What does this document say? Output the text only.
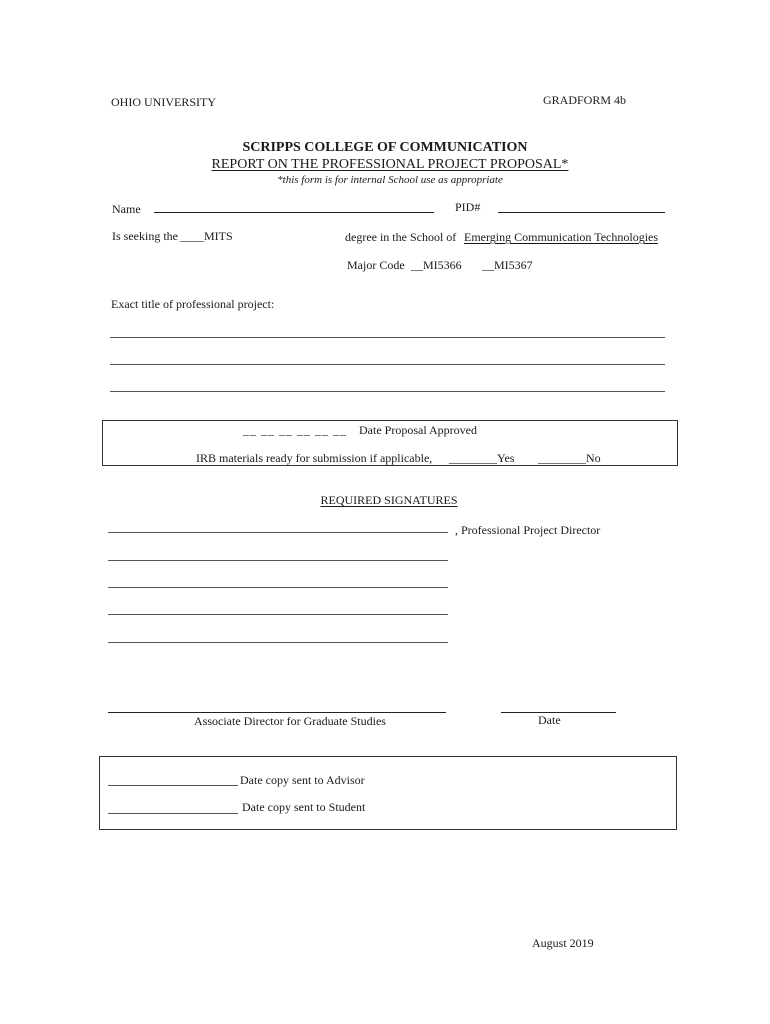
OHIO UNIVERSITY	GRADFORM 4b
SCRIPPS COLLEGE OF COMMUNICATION
REPORT ON THE PROFESSIONAL PROJECT PROPOSAL*
*this form is for internal School use as appropriate
Name	PID#
Is seeking the ____MITS	degree in the School of Emerging Communication Technologies
Major Code __MI5366 __MI5367
Exact title of professional project:
__ __ __ __ __ __ Date Proposal Approved
IRB materials ready for submission if applicable, ________Yes ________No
REQUIRED SIGNATURES
, Professional Project Director
Associate Director for Graduate Studies	Date
Date copy sent to Advisor
Date copy sent to Student
August 2019
